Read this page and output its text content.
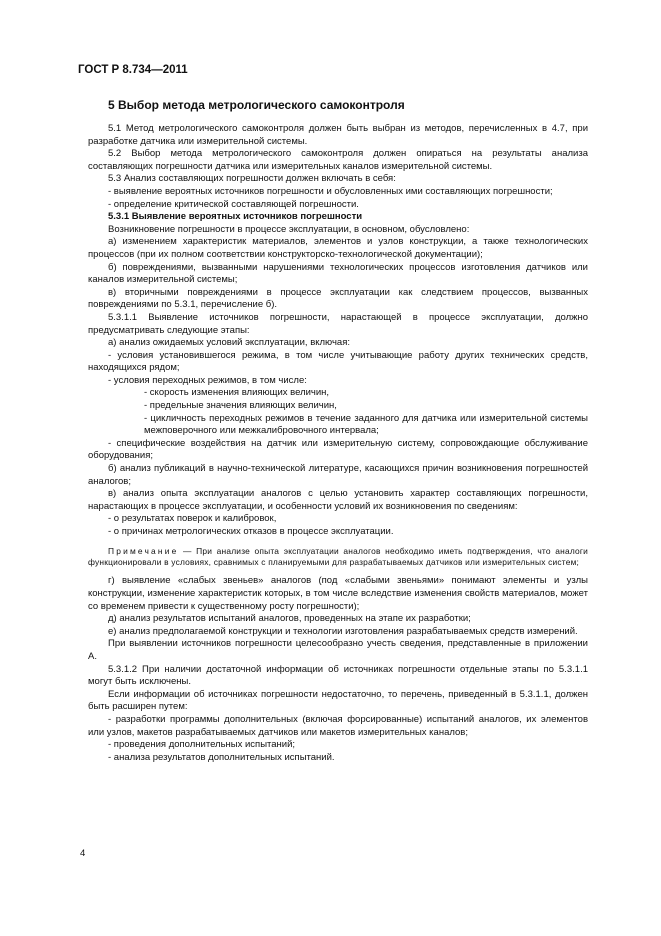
ГОСТ Р 8.734—2011
5 Выбор метода метрологического самоконтроля

5.1 Метод метрологического самоконтроля должен быть выбран из методов, перечисленных в 4.7, при разработке датчика или измерительной системы.

5.2 Выбор метода метрологического самоконтроля должен опираться на результаты анализа составляющих погрешности датчика или измерительных каналов измерительной системы.

5.3 Анализ составляющих погрешности должен включать в себя:

- выявление вероятных источников погрешности и обусловленных ими составляющих погрешности;

- определение критической составляющей погрешности.

5.3.1 Выявление вероятных источников погрешности

Возникновение погрешности в процессе эксплуатации, в основном, обусловлено:

а) изменением характеристик материалов, элементов и узлов конструкции, а также технологических процессов (при их полном соответствии конструкторско-технологической документации);

б) повреждениями, вызванными нарушениями технологических процессов изготовления датчиков или каналов измерительной системы;

в) вторичными повреждениями в процессе эксплуатации как следствием процессов, вызванных повреждениями по 5.3.1, перечисление б).

5.3.1.1 Выявление источников погрешности, нарастающей в процессе эксплуатации, должно предусматривать следующие этапы:

а) анализ ожидаемых условий эксплуатации, включая:

- условия установившегося режима, в том числе учитывающие работу других технических средств, находящихся рядом;

- условия переходных режимов, в том числе:

- скорость изменения влияющих величин,

- предельные значения влияющих величин,

- цикличность переходных режимов в течение заданного для датчика или измерительной системы межповерочного или межкалибровочного интервала;

- специфические воздействия на датчик или измерительную систему, сопровождающие обслуживание оборудования;

б) анализ публикаций в научно-технической литературе, касающихся причин возникновения погрешностей аналогов;

в) анализ опыта эксплуатации аналогов с целью установить характер составляющих погрешности, нарастающих в процессе эксплуатации, и особенности условий их возникновения по сведениям:

- о результатах поверок и калибровок,

- о причинах метрологических отказов в процессе эксплуатации.

Примечание — При анализе опыта эксплуатации аналогов необходимо иметь подтверждения, что аналоги функционировали в условиях, сравнимых с планируемыми для разрабатываемых датчиков или измерительных систем;

г) выявление «слабых звеньев» аналогов (под «слабыми звеньями» понимают элементы и узлы конструкции, изменение характеристик которых, в том числе вследствие изменения свойств материалов, может со временем привести к существенному росту погрешности);

д) анализ результатов испытаний аналогов, проведенных на этапе их разработки;

е) анализ предполагаемой конструкции и технологии изготовления разрабатываемых средств измерений.

При выявлении источников погрешности целесообразно учесть сведения, представленные в приложении А.

5.3.1.2 При наличии достаточной информации об источниках погрешности отдельные этапы по 5.3.1.1 могут быть исключены.

Если информации об источниках погрешности недостаточно, то перечень, приведенный в 5.3.1.1, должен быть расширен путем:

- разработки программы дополнительных (включая форсированные) испытаний аналогов, их элементов или узлов, макетов разрабатываемых датчиков или макетов измерительных каналов;

- проведения дополнительных испытаний;

- анализа результатов дополнительных испытаний.

4
